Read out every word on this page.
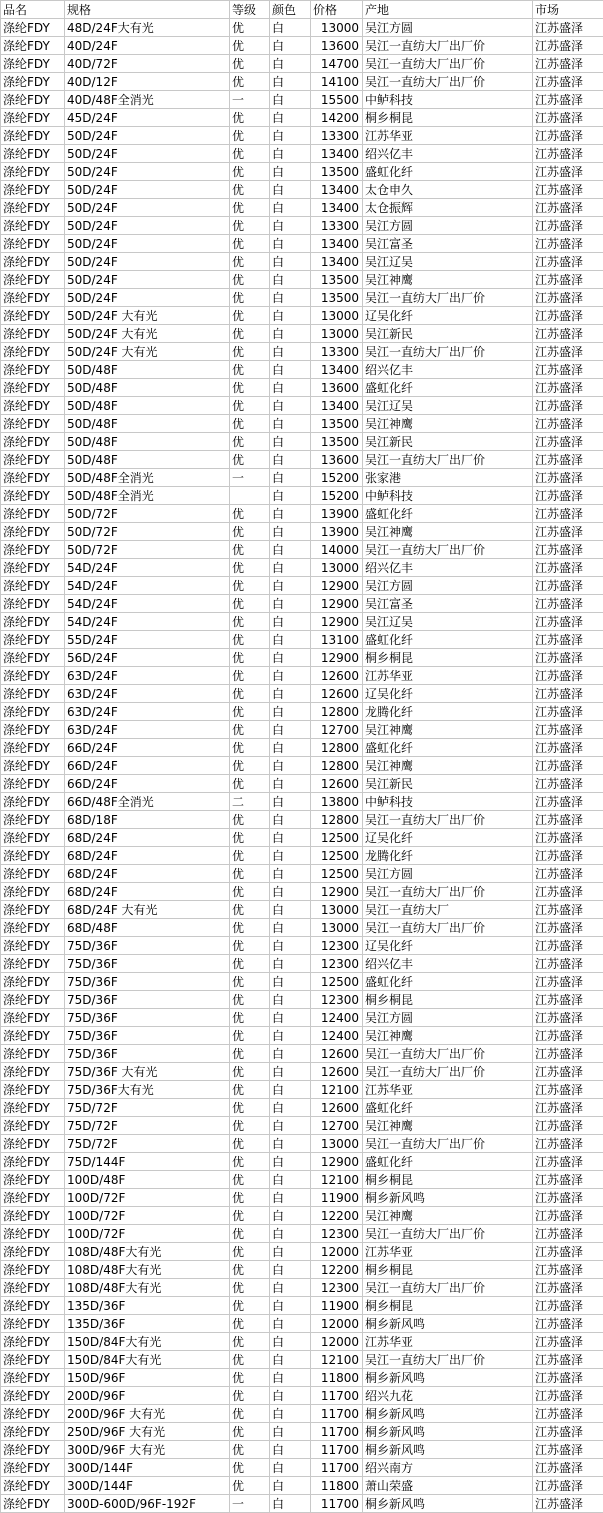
品名	规格	等级	颜色	价格	产地	市场
涤纶FDY	48D/24F大有光	优	白	13000	吴江方圆	江苏盛泽
涤纶FDY	40D/24F	优	白	13600	吴江一直纺大厂出厂价	江苏盛泽
涤纶FDY	40D/72F	优	白	14700	吴江一直纺大厂出厂价	江苏盛泽
涤纶FDY	40D/12F	优	白	14100	吴江一直纺大厂出厂价	江苏盛泽
涤纶FDY	40D/48F全消光	一	白	15500	中鲈科技	江苏盛泽
涤纶FDY	45D/24F	优	白	14200	桐乡桐昆	江苏盛泽
涤纶FDY	50D/24F	优	白	13300	江苏华亚	江苏盛泽
涤纶FDY	50D/24F	优	白	13400	绍兴亿丰	江苏盛泽
涤纶FDY	50D/24F	优	白	13500	盛虹化纤	江苏盛泽
涤纶FDY	50D/24F	优	白	13400	太仓申久	江苏盛泽
涤纶FDY	50D/24F	优	白	13400	太仓振辉	江苏盛泽
涤纶FDY	50D/24F	优	白	13300	吴江方圆	江苏盛泽
涤纶FDY	50D/24F	优	白	13400	吴江富圣	江苏盛泽
涤纶FDY	50D/24F	优	白	13400	吴江辽吴	江苏盛泽
涤纶FDY	50D/24F	优	白	13500	吴江神鹰	江苏盛泽
涤纶FDY	50D/24F	优	白	13500	吴江一直纺大厂出厂价	江苏盛泽
涤纶FDY	50D/24F 大有光	优	白	13000	辽吴化纤	江苏盛泽
涤纶FDY	50D/24F 大有光	优	白	13000	吴江新民	江苏盛泽
涤纶FDY	50D/24F 大有光	优	白	13300	吴江一直纺大厂出厂价	江苏盛泽
涤纶FDY	50D/48F	优	白	13400	绍兴亿丰	江苏盛泽
涤纶FDY	50D/48F	优	白	13600	盛虹化纤	江苏盛泽
涤纶FDY	50D/48F	优	白	13400	吴江辽吴	江苏盛泽
涤纶FDY	50D/48F	优	白	13500	吴江神鹰	江苏盛泽
涤纶FDY	50D/48F	优	白	13500	吴江新民	江苏盛泽
涤纶FDY	50D/48F	优	白	13600	吴江一直纺大厂出厂价	江苏盛泽
涤纶FDY	50D/48F全消光	一	白	15200	张家港	江苏盛泽
涤纶FDY	50D/48F全消光		白	15200	中鲈科技	江苏盛泽
涤纶FDY	50D/72F	优	白	13900	盛虹化纤	江苏盛泽
涤纶FDY	50D/72F	优	白	13900	吴江神鹰	江苏盛泽
涤纶FDY	50D/72F	优	白	14000	吴江一直纺大厂出厂价	江苏盛泽
涤纶FDY	54D/24F	优	白	13000	绍兴亿丰	江苏盛泽
涤纶FDY	54D/24F	优	白	12900	吴江方圆	江苏盛泽
涤纶FDY	54D/24F	优	白	12900	吴江富圣	江苏盛泽
涤纶FDY	54D/24F	优	白	12900	吴江辽吴	江苏盛泽
涤纶FDY	55D/24F	优	白	13100	盛虹化纤	江苏盛泽
涤纶FDY	56D/24F	优	白	12900	桐乡桐昆	江苏盛泽
涤纶FDY	63D/24F	优	白	12600	江苏华亚	江苏盛泽
涤纶FDY	63D/24F	优	白	12600	辽吴化纤	江苏盛泽
涤纶FDY	63D/24F	优	白	12800	龙腾化纤	江苏盛泽
涤纶FDY	63D/24F	优	白	12700	吴江神鹰	江苏盛泽
涤纶FDY	66D/24F	优	白	12800	盛虹化纤	江苏盛泽
涤纶FDY	66D/24F	优	白	12800	吴江神鹰	江苏盛泽
涤纶FDY	66D/24F	优	白	12600	吴江新民	江苏盛泽
涤纶FDY	66D/48F全消光	二	白	13800	中鲈科技	江苏盛泽
涤纶FDY	68D/18F	优	白	12800	吴江一直纺大厂出厂价	江苏盛泽
涤纶FDY	68D/24F	优	白	12500	辽吴化纤	江苏盛泽
涤纶FDY	68D/24F	优	白	12500	龙腾化纤	江苏盛泽
涤纶FDY	68D/24F	优	白	12500	吴江方圆	江苏盛泽
涤纶FDY	68D/24F	优	白	12900	吴江一直纺大厂出厂价	江苏盛泽
涤纶FDY	68D/24F 大有光	优	白	13000	吴江一直纺大厂	江苏盛泽
涤纶FDY	68D/48F	优	白	13000	吴江一直纺大厂出厂价	江苏盛泽
涤纶FDY	75D/36F	优	白	12300	辽吴化纤	江苏盛泽
涤纶FDY	75D/36F	优	白	12300	绍兴亿丰	江苏盛泽
涤纶FDY	75D/36F	优	白	12500	盛虹化纤	江苏盛泽
涤纶FDY	75D/36F	优	白	12300	桐乡桐昆	江苏盛泽
涤纶FDY	75D/36F	优	白	12400	吴江方圆	江苏盛泽
涤纶FDY	75D/36F	优	白	12400	吴江神鹰	江苏盛泽
涤纶FDY	75D/36F	优	白	12600	吴江一直纺大厂出厂价	江苏盛泽
涤纶FDY	75D/36F 大有光	优	白	12600	吴江一直纺大厂出厂价	江苏盛泽
涤纶FDY	75D/36F大有光	优	白	12100	江苏华亚	江苏盛泽
涤纶FDY	75D/72F	优	白	12600	盛虹化纤	江苏盛泽
涤纶FDY	75D/72F	优	白	12700	吴江神鹰	江苏盛泽
涤纶FDY	75D/72F	优	白	13000	吴江一直纺大厂出厂价	江苏盛泽
涤纶FDY	75D/144F	优	白	12900	盛虹化纤	江苏盛泽
涤纶FDY	100D/48F	优	白	12100	桐乡桐昆	江苏盛泽
涤纶FDY	100D/72F	优	白	11900	桐乡新风鸣	江苏盛泽
涤纶FDY	100D/72F	优	白	12200	吴江神鹰	江苏盛泽
涤纶FDY	100D/72F	优	白	12300	吴江一直纺大厂出厂价	江苏盛泽
涤纶FDY	108D/48F大有光	优	白	12000	江苏华亚	江苏盛泽
涤纶FDY	108D/48F大有光	优	白	12200	桐乡桐昆	江苏盛泽
涤纶FDY	108D/48F大有光	优	白	12300	吴江一直纺大厂出厂价	江苏盛泽
涤纶FDY	135D/36F	优	白	11900	桐乡桐昆	江苏盛泽
涤纶FDY	135D/36F	优	白	12000	桐乡新风鸣	江苏盛泽
涤纶FDY	150D/84F大有光	优	白	12000	江苏华亚	江苏盛泽
涤纶FDY	150D/84F大有光	优	白	12100	吴江一直纺大厂出厂价	江苏盛泽
涤纶FDY	150D/96F	优	白	11800	桐乡新风鸣	江苏盛泽
涤纶FDY	200D/96F	优	白	11700	绍兴九花	江苏盛泽
涤纶FDY	200D/96F 大有光	优	白	11700	桐乡新风鸣	江苏盛泽
涤纶FDY	250D/96F 大有光	优	白	11700	桐乡新风鸣	江苏盛泽
涤纶FDY	300D/96F 大有光	优	白	11700	桐乡新风鸣	江苏盛泽
涤纶FDY	300D/144F	优	白	11700	绍兴南方	江苏盛泽
涤纶FDY	300D/144F	优	白	11800	萧山荣盛	江苏盛泽
涤纶FDY	300D-600D/96F-192F	一	白	11700	桐乡新风鸣	江苏盛泽
